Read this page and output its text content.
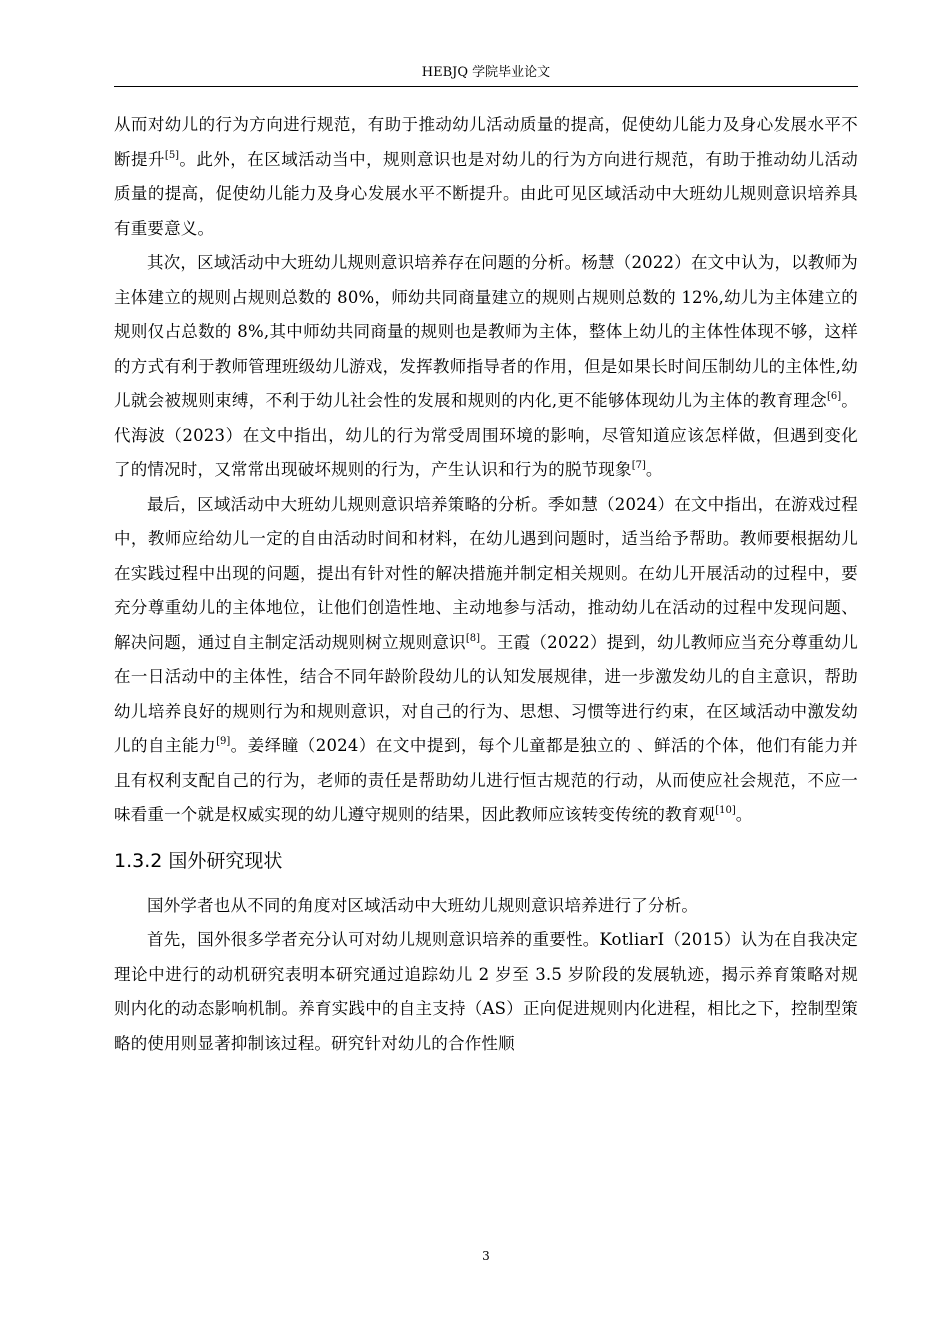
HEBJQ 学院毕业论文

从而对幼儿的行为方向进行规范，有助于推动幼儿活动质量的提高，促使幼儿能力及身心发展水平不断提升[5]。此外，在区域活动当中，规则意识也是对幼儿的行为方向进行规范，有助于推动幼儿活动质量的提高，促使幼儿能力及身心发展水平不断提升。由此可见区域活动中大班幼儿规则意识培养具有重要意义。

其次，区域活动中大班幼儿规则意识培养存在问题的分析。杨慧（2022）在文中认为，以教师为主体建立的规则占规则总数的 80%，师幼共同商量建立的规则占规则总数的 12%,幼儿为主体建立的规则仅占总数的 8%,其中师幼共同商量的规则也是教师为主体，整体上幼儿的主体性体现不够，这样的方式有利于教师管理班级幼儿游戏，发挥教师指导者的作用，但是如果长时间压制幼儿的主体性,幼儿就会被规则束缚，不利于幼儿社会性的发展和规则的内化,更不能够体现幼儿为主体的教育理念[6]。代海波（2023）在文中指出，幼儿的行为常受周围环境的影响，尽管知道应该怎样做，但遇到变化了的情况时，又常常出现破坏规则的行为，产生认识和行为的脱节现象[7]。

最后，区域活动中大班幼儿规则意识培养策略的分析。季如慧（2024）在文中指出，在游戏过程中，教师应给幼儿一定的自由活动时间和材料，在幼儿遇到问题时，适当给予帮助。教师要根据幼儿在实践过程中出现的问题，提出有针对性的解决措施并制定相关规则。在幼儿开展活动的过程中，要充分尊重幼儿的主体地位，让他们创造性地、主动地参与活动，推动幼儿在活动的过程中发现问题、解决问题，通过自主制定活动规则树立规则意识[8]。王霞（2022）提到，幼儿教师应当充分尊重幼儿在一日活动中的主体性，结合不同年龄阶段幼儿的认知发展规律，进一步激发幼儿的自主意识，帮助幼儿培养良好的规则行为和规则意识，对自己的行为、思想、习惯等进行约束，在区域活动中激发幼儿的自主能力[9]。姜绎瞳（2024）在文中提到，每个儿童都是独立的 、鲜活的个体，他们有能力并且有权利支配自己的行为，老师的责任是帮助幼儿进行恒古规范的行动，从而使应社会规范，不应一味看重一个就是权威实现的幼儿遵守规则的结果，因此教师应该转变传统的教育观[10]。

1.3.2 国外研究现状

国外学者也从不同的角度对区域活动中大班幼儿规则意识培养进行了分析。

首先，国外很多学者充分认可对幼儿规则意识培养的重要性。KotliarI（2015）认为在自我决定理论中进行的动机研究表明本研究通过追踪幼儿 2 岁至 3.5 岁阶段的发展轨迹，揭示养育策略对规则内化的动态影响机制。养育实践中的自主支持（AS）正向促进规则内化进程，相比之下，控制型策略的使用则显著抑制该过程。研究针对幼儿的合作性顺

3
